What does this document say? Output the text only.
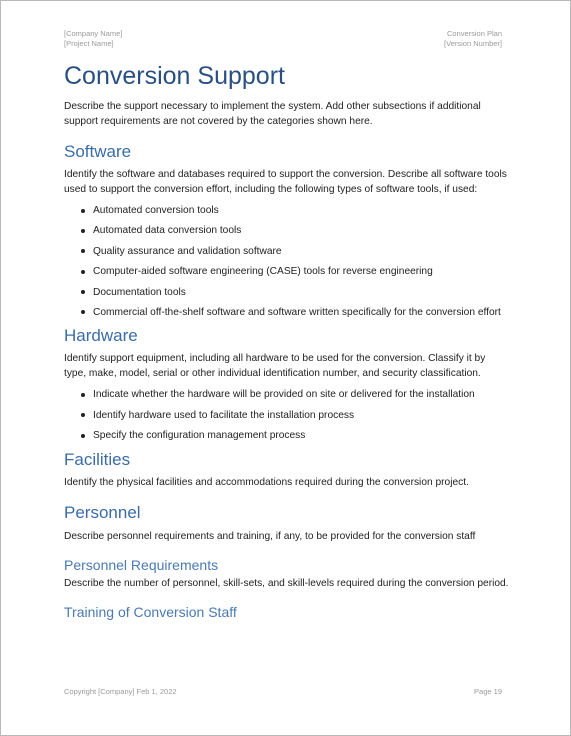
[Company Name]
[Project Name]
Conversion Plan
[Version Number]
Conversion Support

Describe the support necessary to implement the system. Add other subsections if additional support requirements are not covered by the categories shown here.

Software

Identify the software and databases required to support the conversion. Describe all software tools used to support the conversion effort, including the following types of software tools, if used:

Automated conversion tools
Automated data conversion tools
Quality assurance and validation software
Computer-aided software engineering (CASE) tools for reverse engineering
Documentation tools
Commercial off-the-shelf software and software written specifically for the conversion effort
Hardware

Identify support equipment, including all hardware to be used for the conversion. Classify it by type, make, model, serial or other individual identification number, and security classification.

Indicate whether the hardware will be provided on site or delivered for the installation
Identify hardware used to facilitate the installation process
Specify the configuration management process
Facilities

Identify the physical facilities and accommodations required during the conversion project.

Personnel

Describe personnel requirements and training, if any, to be provided for the conversion staff

Personnel Requirements

Describe the number of personnel, skill-sets, and skill-levels required during the conversion period.

Training of Conversion Staff
Copyright [Company] Feb 1, 2022	Page 19
